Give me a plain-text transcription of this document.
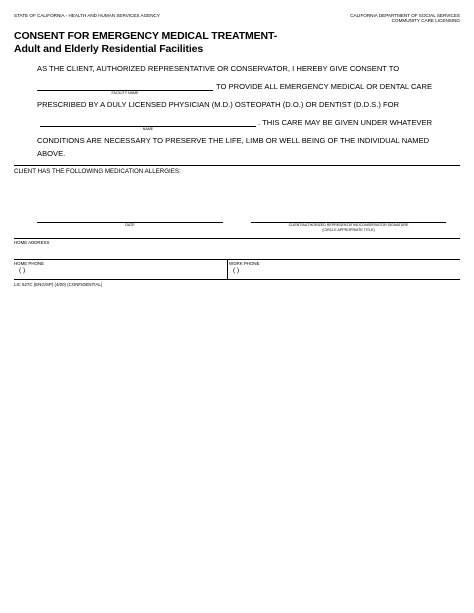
STATE OF CALIFORNIA - HEALTH AND HUMAN SERVICES AGENCY	CALIFORNIA DEPARTMENT OF SOCIAL SERVICES
COMMUNITY CARE LICENSING
CONSENT FOR EMERGENCY MEDICAL TREATMENT-
Adult and Elderly Residential Facilities
AS THE CLIENT, AUTHORIZED REPRESENTATIVE OR CONSERVATOR, I HEREBY GIVE CONSENT TO
FACILITY NAME
TO PROVIDE ALL EMERGENCY MEDICAL OR DENTAL CARE
PRESCRIBED BY A DULY LICENSED PHYSICIAN (M.D.) OSTEOPATH (D.O.) OR DENTIST (D.D.S.) FOR
NAME
. THIS CARE MAY BE GIVEN UNDER WHATEVER
CONDITIONS ARE NECESSARY TO PRESERVE THE LIFE, LIMB OR WELL BEING OF THE INDIVIDUAL NAMED
ABOVE.
CLIENT HAS THE FOLLOWING MEDICATION ALLERGIES:
DATE	CLIENT/AUTHORIZED REPRESENTATIVE/CONSERVATOR SIGNATURE
(CIRCLE APPROPRIATE TITLE)
HOME ADDRESS
HOME PHONE
( )
WORK PHONE
( )
LIC 627C (ENG/SP) (4/00) (CONFIDENTIAL)
